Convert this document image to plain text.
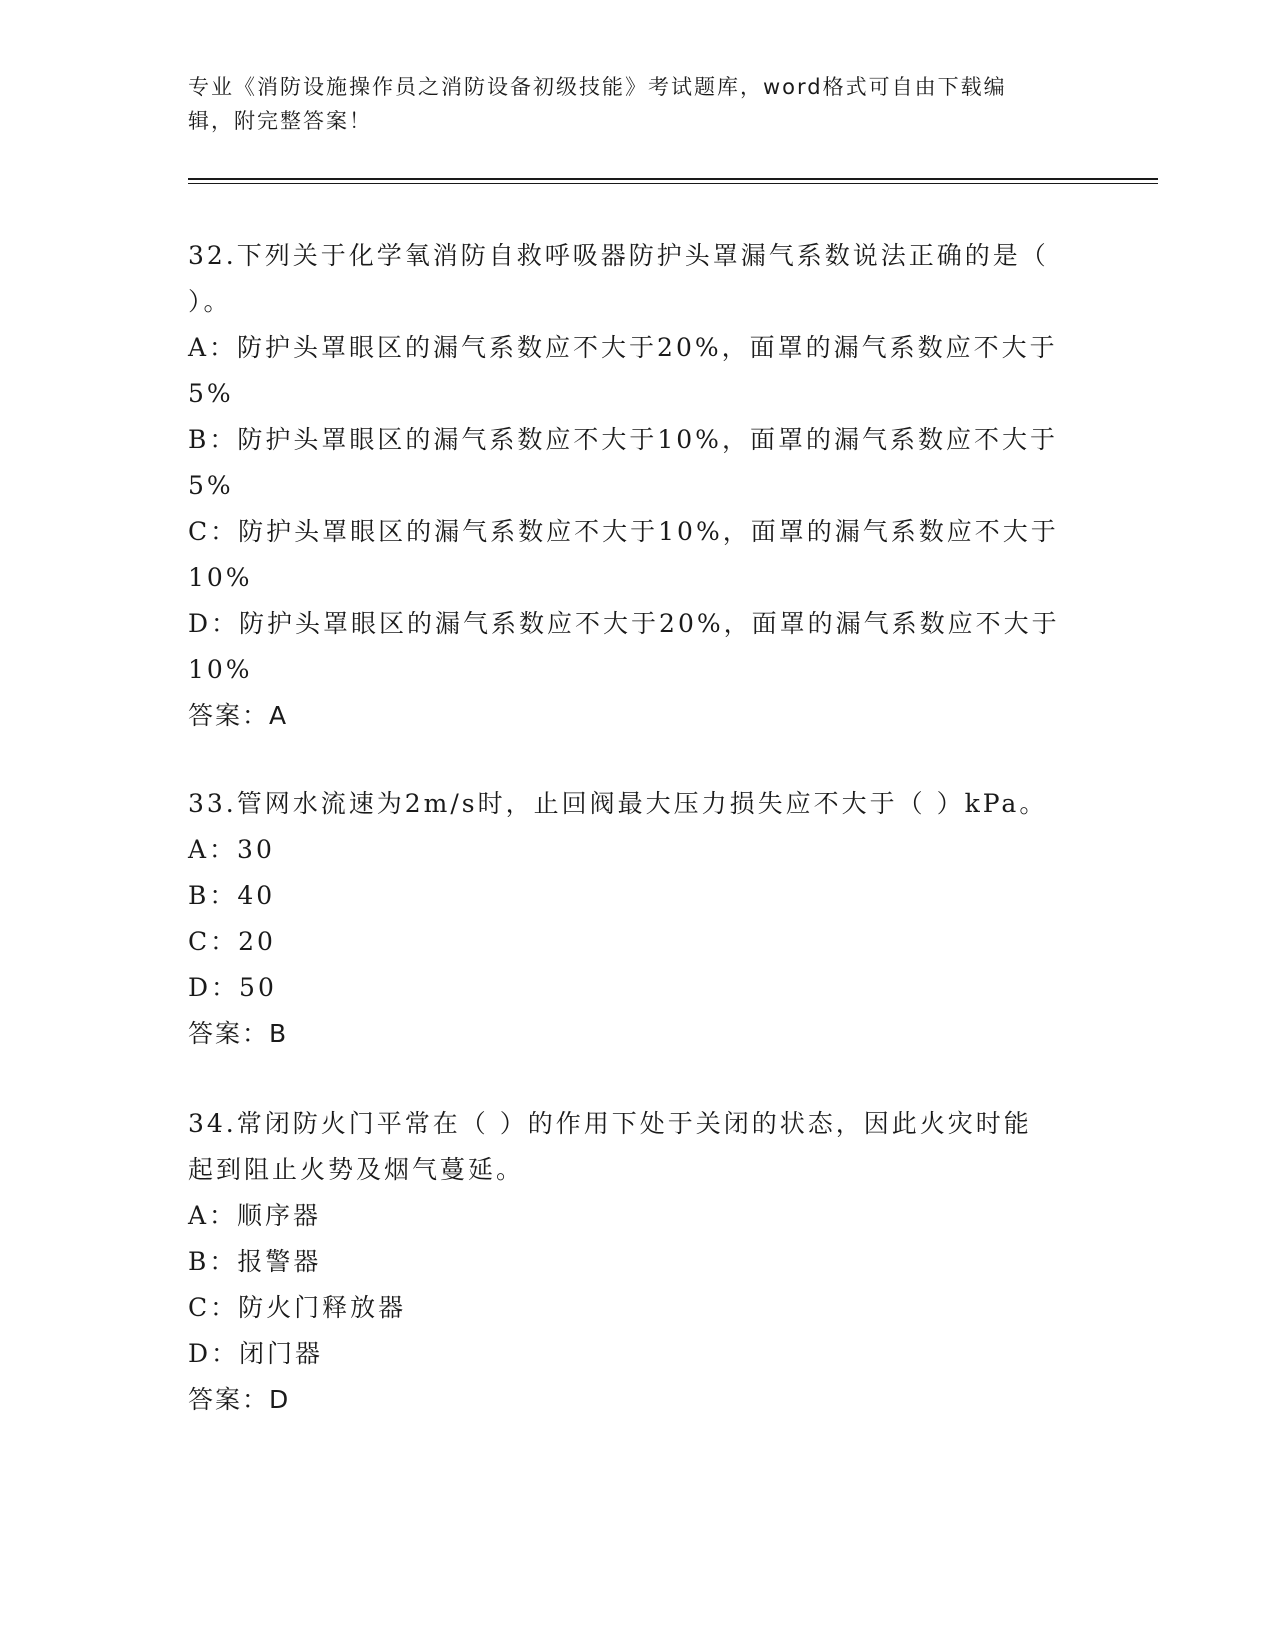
专业《消防设施操作员之消防设备初级技能》考试题库，word格式可自由下载编
辑，附完整答案！
32.下列关于化学氧消防自救呼吸器防护头罩漏气系数说法正确的是（
）。
A：防护头罩眼区的漏气系数应不大于20%，面罩的漏气系数应不大于
5%
B：防护头罩眼区的漏气系数应不大于10%，面罩的漏气系数应不大于
5%
C：防护头罩眼区的漏气系数应不大于10%，面罩的漏气系数应不大于
10%
D：防护头罩眼区的漏气系数应不大于20%，面罩的漏气系数应不大于
10%
答案：A
33.管网水流速为2m/s时，止回阀最大压力损失应不大于（ ）kPa。
A：30
B：40
C：20
D：50
答案：B
34.常闭防火门平常在（ ）的作用下处于关闭的状态，因此火灾时能
起到阻止火势及烟气蔓延。
A：顺序器
B：报警器
C：防火门释放器
D：闭门器
答案：D
